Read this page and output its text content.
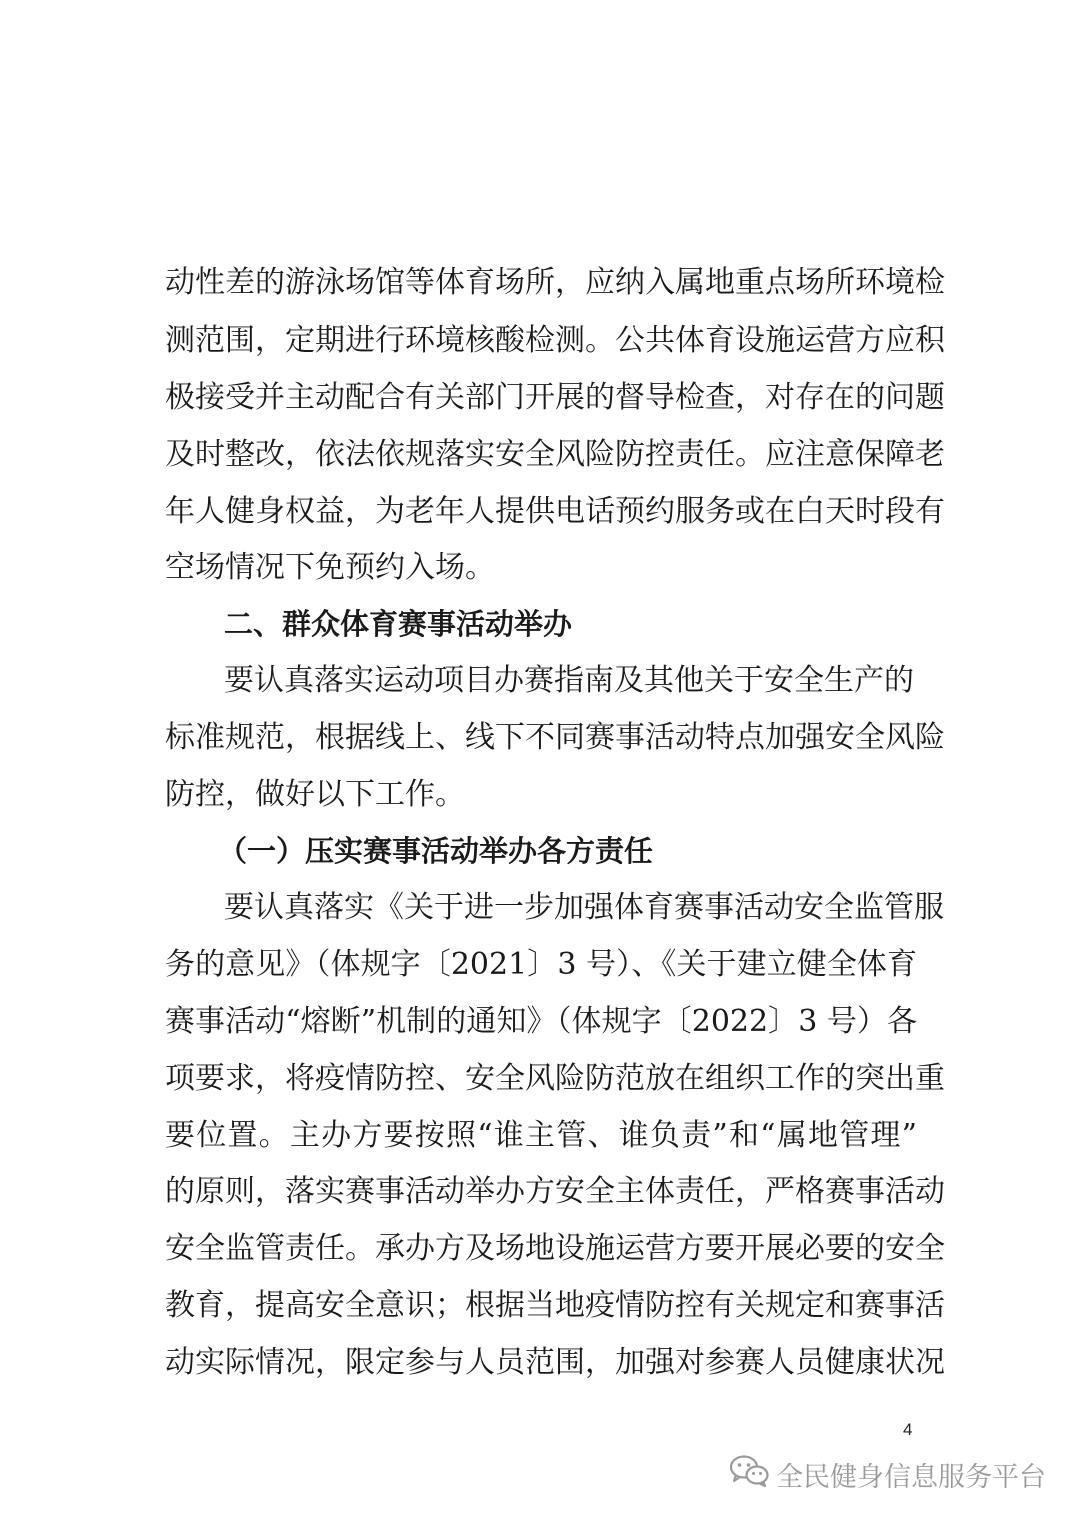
动性差的游泳场馆等体育场所，应纳入属地重点场所环境检
测范围，定期进行环境核酸检测。公共体育设施运营方应积
极接受并主动配合有关部门开展的督导检查，对存在的问题
及时整改，依法依规落实安全风险防控责任。应注意保障老
年人健身权益，为老年人提供电话预约服务或在白天时段有
空场情况下免预约入场。
二、群众体育赛事活动举办
要认真落实运动项目办赛指南及其他关于安全生产的
标准规范，根据线上、线下不同赛事活动特点加强安全风险
防控，做好以下工作。
（一）压实赛事活动举办各方责任
要认真落实《关于进一步加强体育赛事活动安全监管服
务的意见》（体规字〔2021〕3 号）、《关于建立健全体育
赛事活动“熔断”机制的通知》（体规字〔2022〕3 号）各
项要求，将疫情防控、安全风险防范放在组织工作的突出重
要位置。主办方要按照“谁主管、谁负责”和“属地管理”
的原则，落实赛事活动举办方安全主体责任，严格赛事活动
安全监管责任。承办方及场地设施运营方要开展必要的安全
教育，提高安全意识；根据当地疫情防控有关规定和赛事活
动实际情况，限定参与人员范围，加强对参赛人员健康状况
4
全民健身信息服务平台
